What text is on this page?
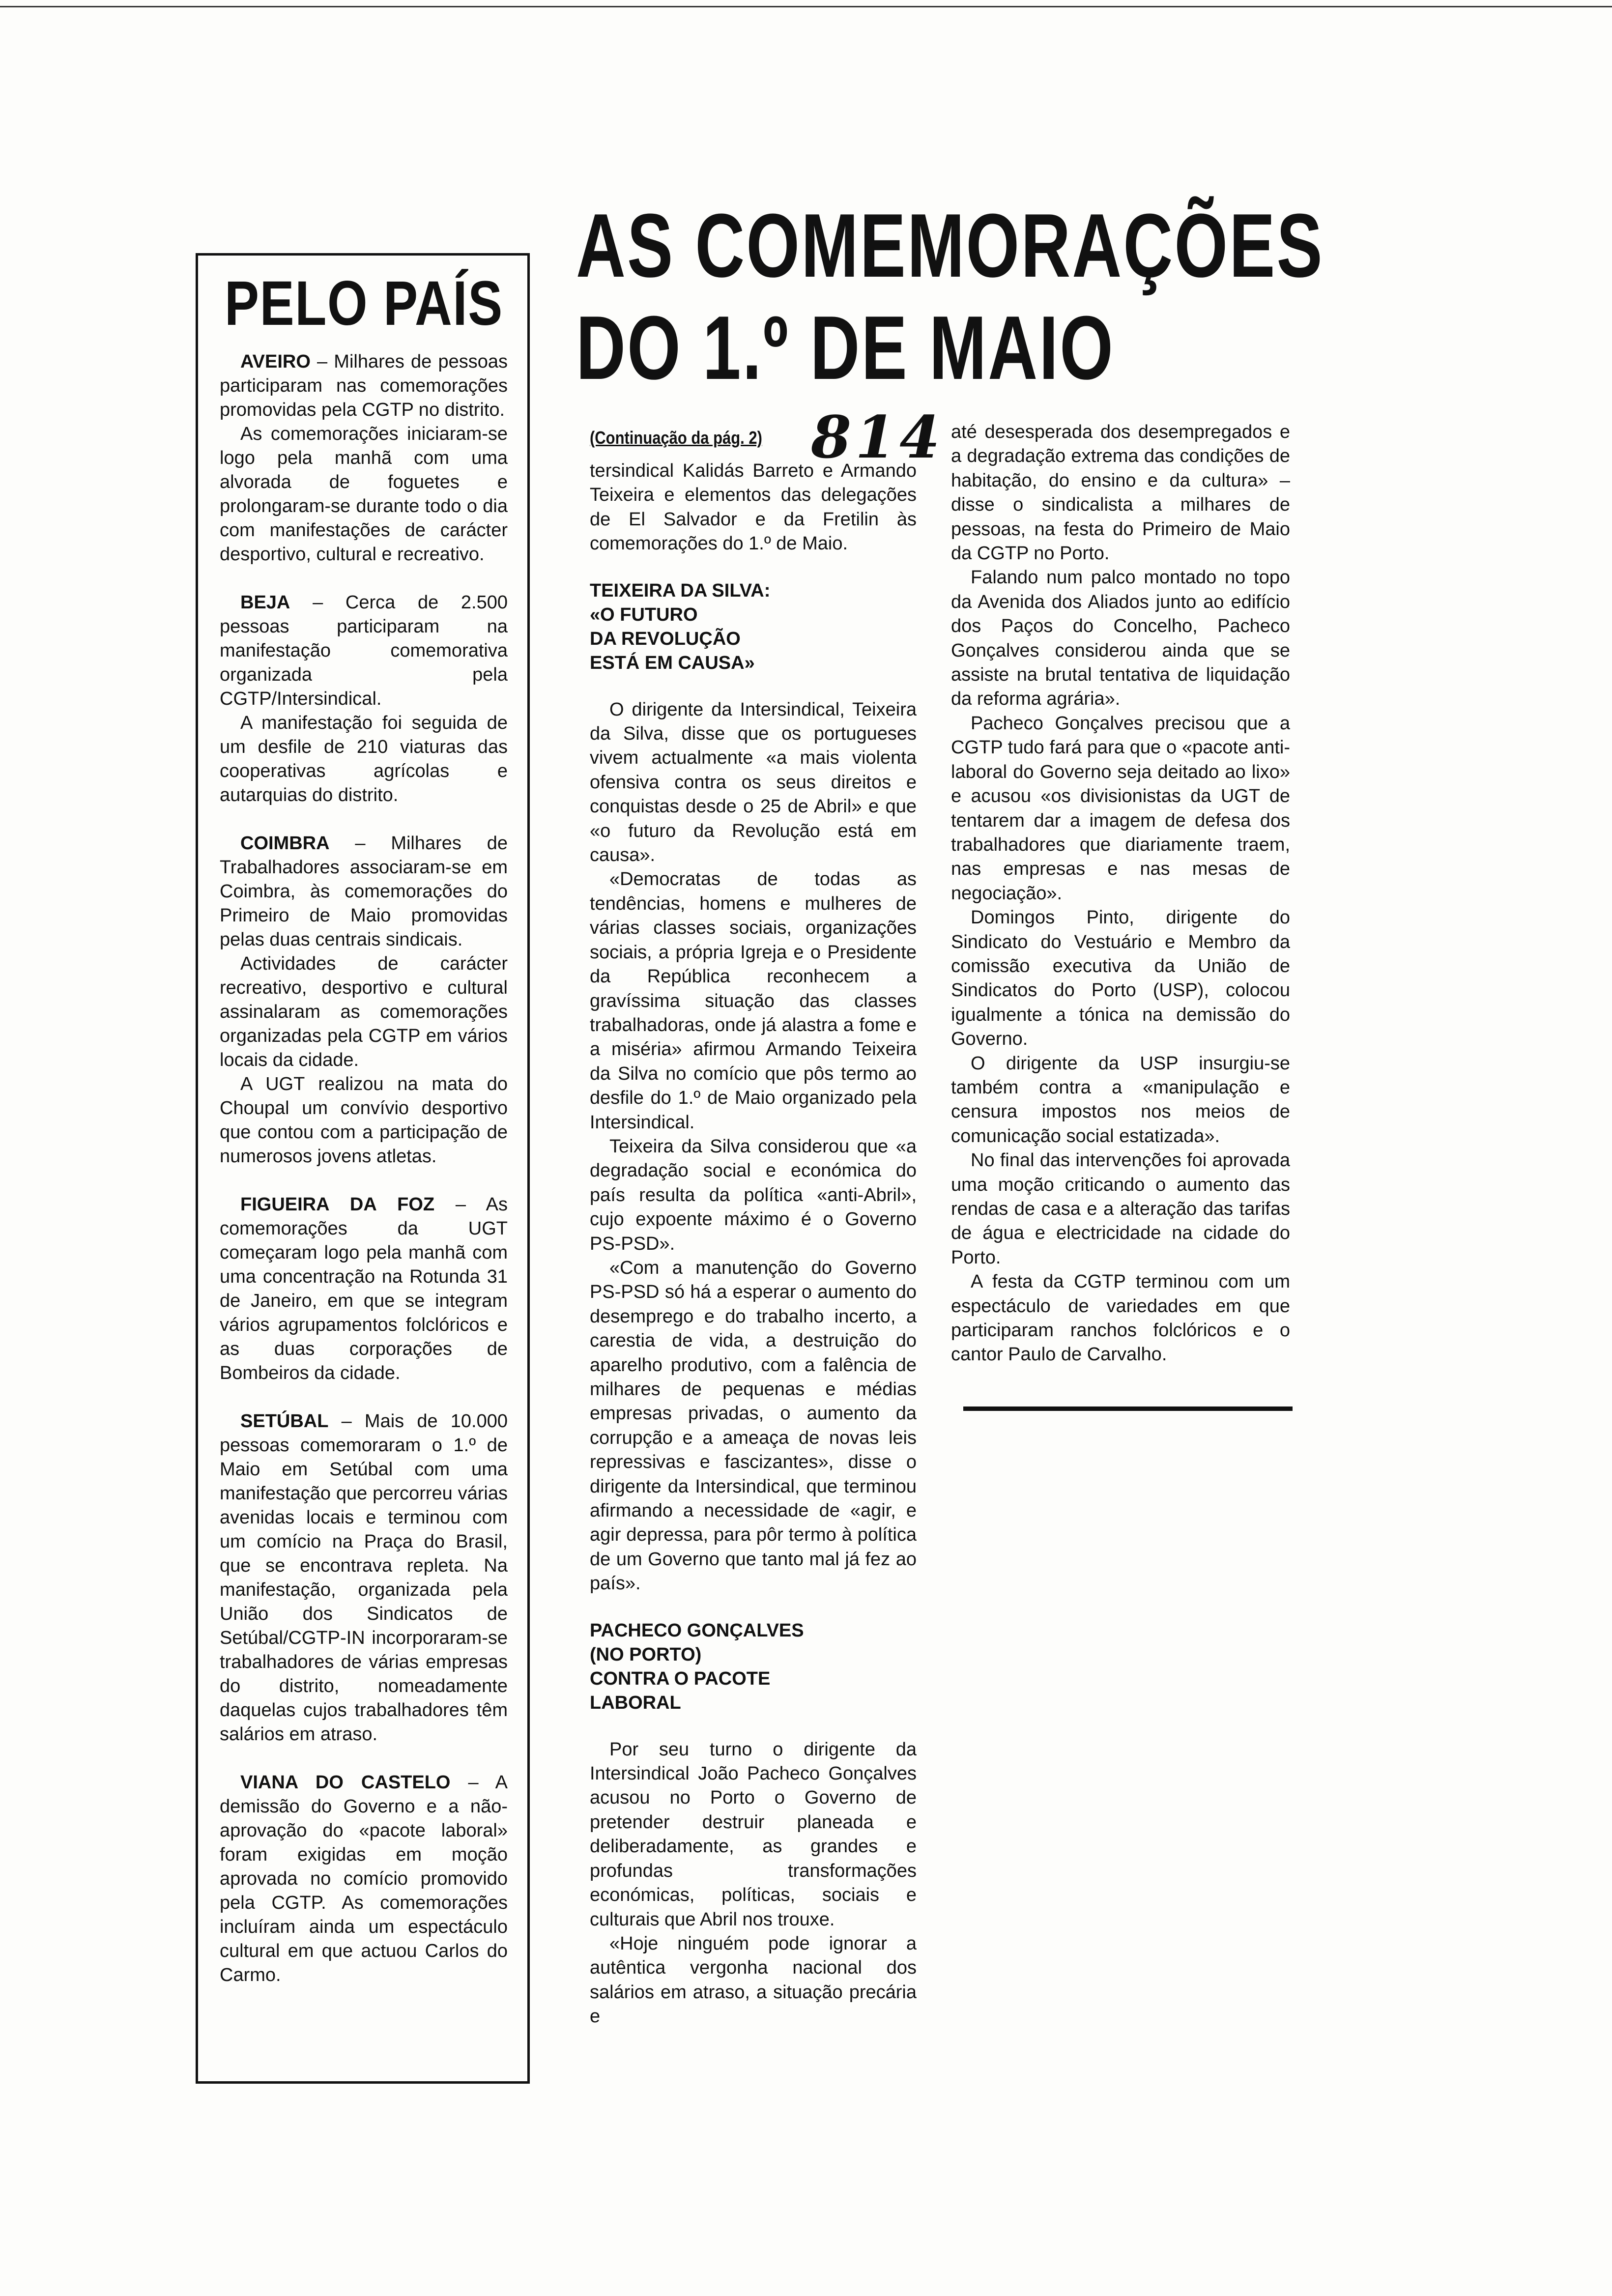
PELO PAÍS

AVEIRO – Milhares de pessoas participaram nas comemorações promovidas pela CGTP no distrito.

As comemorações iniciaram-se logo pela manhã com uma alvorada de foguetes e prolongaram-se durante todo o dia com manifestações de carácter desportivo, cultural e recreativo.

BEJA – Cerca de 2.500 pessoas participaram na manifestação comemorativa organizada pela CGTP/Intersindical.

A manifestação foi seguida de um desfile de 210 viaturas das cooperativas agrícolas e autarquias do distrito.

COIMBRA – Milhares de Trabalhadores associaram-se em Coimbra, às comemorações do Primeiro de Maio promovidas pelas duas centrais sindicais.

Actividades de carácter recreativo, desportivo e cultural assinalaram as comemorações organizadas pela CGTP em vários locais da cidade.

A UGT realizou na mata do Choupal um convívio desportivo que contou com a participação de numerosos jovens atletas.

FIGUEIRA DA FOZ – As comemorações da UGT começaram logo pela manhã com uma concentração na Rotunda 31 de Janeiro, em que se integram vários agrupamentos folclóricos e as duas corporações de Bombeiros da cidade.

SETÚBAL – Mais de 10.000 pessoas comemoraram o 1.º de Maio em Setúbal com uma manifestação que percorreu várias avenidas locais e terminou com um comício na Praça do Brasil, que se encontrava repleta. Na manifestação, organizada pela União dos Sindicatos de Setúbal/CGTP-IN incorporaram-se trabalhadores de várias empresas do distrito, nomeadamente daquelas cujos trabalhadores têm salários em atraso.

VIANA DO CASTELO – A demissão do Governo e a não-aprovação do «pacote laboral» foram exigidas em moção aprovada no comício promovido pela CGTP. As comemorações incluíram ainda um espectáculo cultural em que actuou Carlos do Carmo.

AS COMEMORAÇÕES
DO 1.º DE MAIO
814
(Continuação da pág. 2)

tersindical Kalidás Barreto e Armando Teixeira e elementos das delegações de El Salvador e da Fretilin às comemorações do 1.º de Maio.

TEIXEIRA DA SILVA:
«O FUTURO
DA REVOLUÇÃO
ESTÁ EM CAUSA»

O dirigente da Intersindical, Teixeira da Silva, disse que os portugueses vivem actualmente «a mais violenta ofensiva contra os seus direitos e conquistas desde o 25 de Abril» e que «o futuro da Revolução está em causa».

«Democratas de todas as tendências, homens e mulheres de várias classes sociais, organizações sociais, a própria Igreja e o Presidente da República reconhecem a gravíssima situação das classes trabalhadoras, onde já alastra a fome e a miséria» afirmou Armando Teixeira da Silva no comício que pôs termo ao desfile do 1.º de Maio organizado pela Intersindical.

Teixeira da Silva considerou que «a degradação social e económica do país resulta da política «anti-Abril», cujo expoente máximo é o Governo PS-PSD».

«Com a manutenção do Governo PS-PSD só há a esperar o aumento do desemprego e do trabalho incerto, a carestia de vida, a destruição do aparelho produtivo, com a falência de milhares de pequenas e médias empresas privadas, o aumento da corrupção e a ameaça de novas leis repressivas e fascizantes», disse o dirigente da Intersindical, que terminou afirmando a necessidade de «agir, e agir depressa, para pôr termo à política de um Governo que tanto mal já fez ao país».

PACHECO GONÇALVES
(NO PORTO)
CONTRA O PACOTE
LABORAL

Por seu turno o dirigente da Intersindical João Pacheco Gonçalves acusou no Porto o Governo de pretender destruir planeada e deliberadamente, as grandes e profundas transformações económicas, políticas, sociais e culturais que Abril nos trouxe.

«Hoje ninguém pode ignorar a autêntica vergonha nacional dos salários em atraso, a situação precária e

até desesperada dos desempregados e a degradação extrema das condições de habitação, do ensino e da cultura» – disse o sindicalista a milhares de pessoas, na festa do Primeiro de Maio da CGTP no Porto.

Falando num palco montado no topo da Avenida dos Aliados junto ao edifício dos Paços do Concelho, Pacheco Gonçalves considerou ainda que se assiste na brutal tentativa de liquidação da reforma agrária».

Pacheco Gonçalves precisou que a CGTP tudo fará para que o «pacote anti-laboral do Governo seja deitado ao lixo» e acusou «os divisionistas da UGT de tentarem dar a imagem de defesa dos trabalhadores que diariamente traem, nas empresas e nas mesas de negociação».

Domingos Pinto, dirigente do Sindicato do Vestuário e Membro da comissão executiva da União de Sindicatos do Porto (USP), colocou igualmente a tónica na demissão do Governo.

O dirigente da USP insurgiu-se também contra a «manipulação e censura impostos nos meios de comunicação social estatizada».

No final das intervenções foi aprovada uma moção criticando o aumento das rendas de casa e a alteração das tarifas de água e electricidade na cidade do Porto.

A festa da CGTP terminou com um espectáculo de variedades em que participaram ranchos folclóricos e o cantor Paulo de Carvalho.
